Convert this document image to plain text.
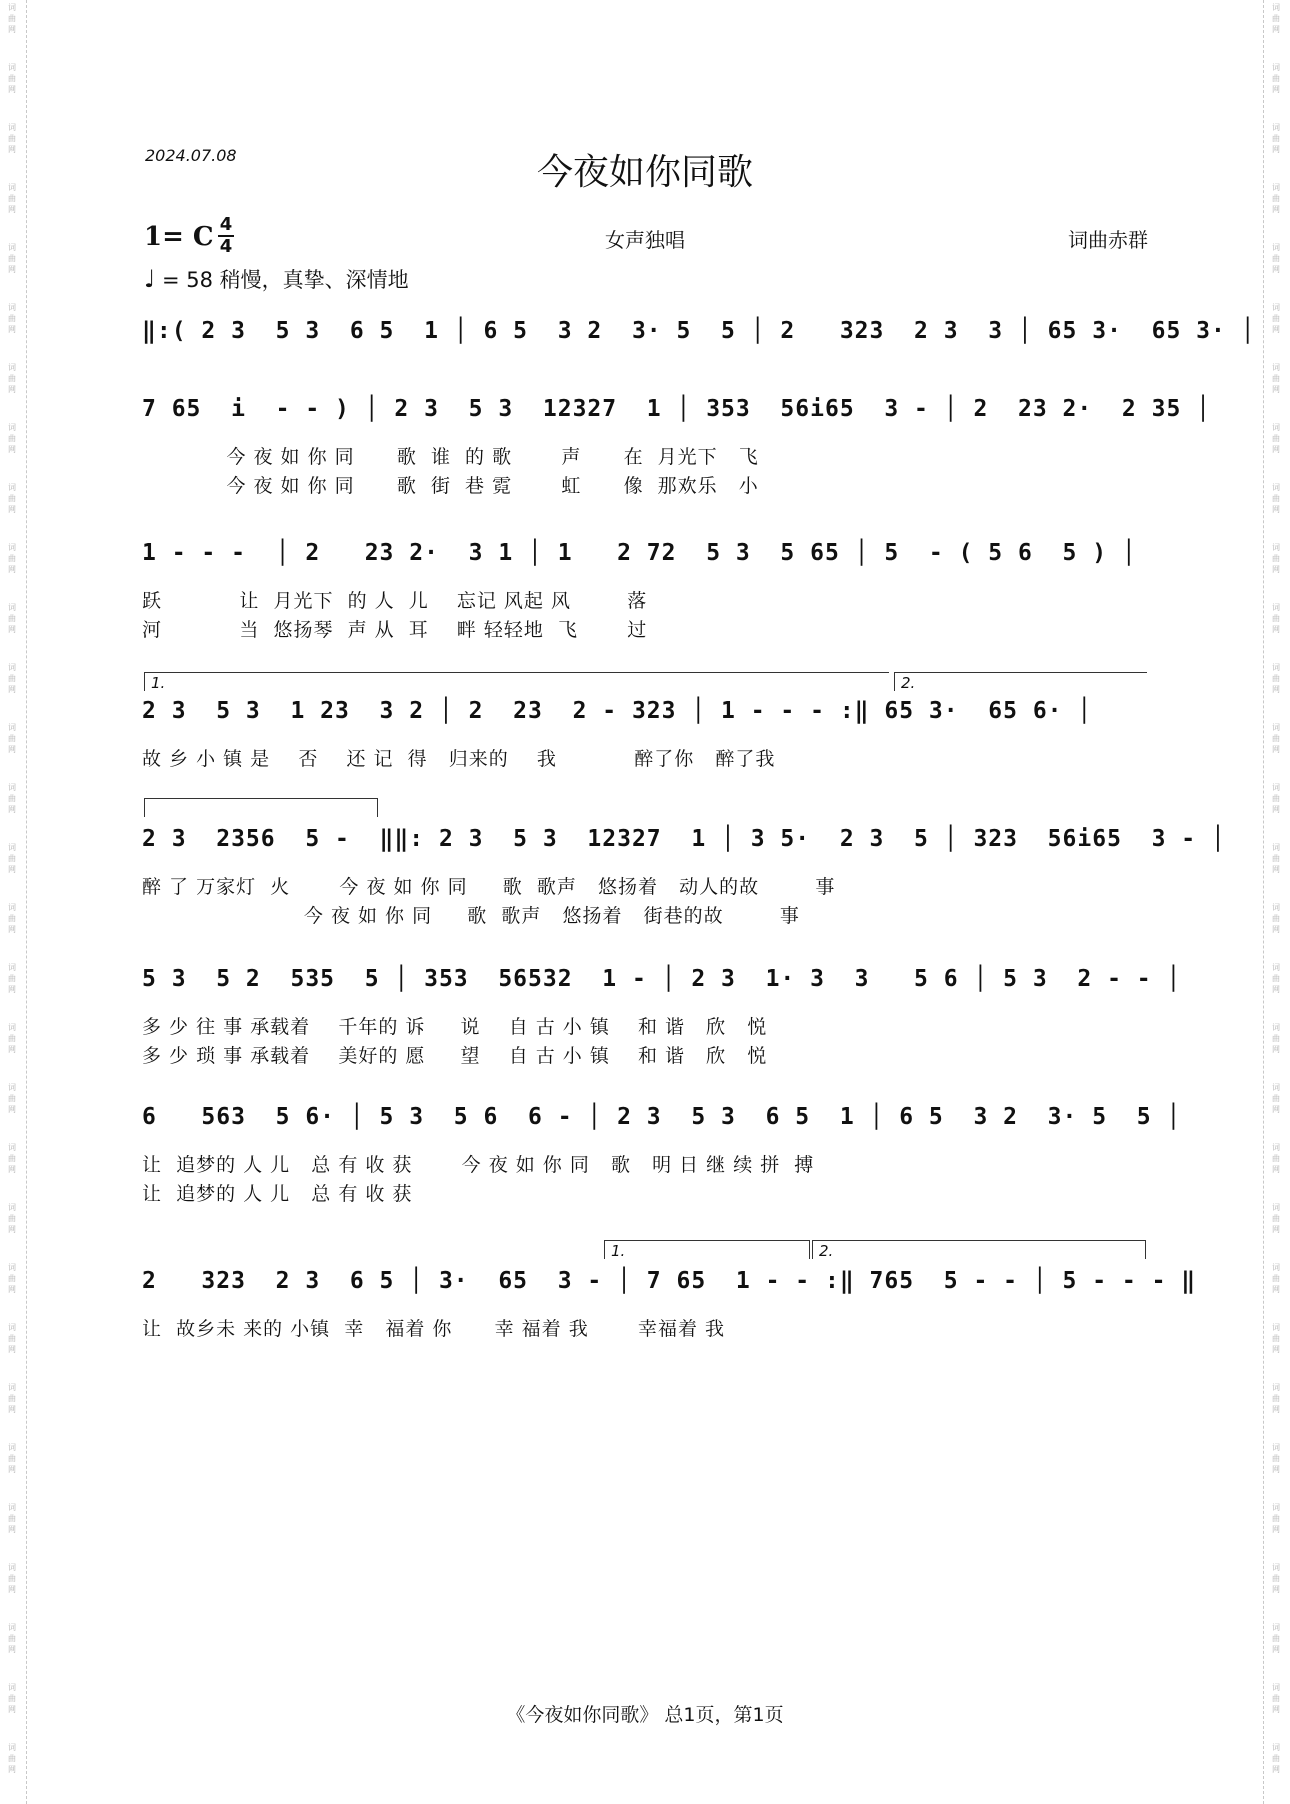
词
曲
网
词
曲
网
词
曲
网
词
曲
网
词
曲
网
词
曲
网
词
曲
网
词
曲
网
词
曲
网
词
曲
网
词
曲
网
词
曲
网
词
曲
网
词
曲
网
词
曲
网
词
曲
网
词
曲
网
词
曲
网
词
曲
网
词
曲
网
词
曲
网
词
曲
网
词
曲
网
词
曲
网
词
曲
网
词
曲
网
词
曲
网
词
曲
网
词
曲
网
词
曲
网
词
曲
网
词
曲
网
词
曲
网
词
曲
网
词
曲
网
词
曲
网
词
曲
网
词
曲
网
词
曲
网
词
曲
网
词
曲
网
词
曲
网
词
曲
网
词
曲
网
词
曲
网
词
曲
网
词
曲
网
词
曲
网
词
曲
网
词
曲
网
词
曲
网
词
曲
网
词
曲
网
词
曲
网
词
曲
网
词
曲
网
词
曲
网
词
曲
网
词
曲
网
词
曲
网
2024.07.08	今夜如你同歌
1= C 4
4	女声独唱	词曲赤群
♩ = 58 稍慢，真挚、深情地
1.	2.
1.	2.
‖:( 2 3  5 3  6 5  1 │ 6 5  3 2  3· 5  5 │ 2   323  2 3  3 │ 65 3·  65 3· │
7 65  i  - - ) │ 2 3  5 3  12327  1 │ 353  56i65  3 - │ 2  23 2·  2 35 │
今 夜 如 你 同      歌  谁  的 歌       声      在  月光下   飞
今 夜 如 你 同      歌  街  巷 霓       虹      像  那欢乐   小
1 - - -  │ 2   23 2·  3 1 │ 1   2 72  5 3  5 65 │ 5  - ( 5 6  5 ) │
跃           让  月光下  的 人  儿    忘记 风起 风        落
河           当  悠扬琴  声 从  耳    畔 轻轻地  飞       过
2 3  5 3  1 23  3 2 │ 2  23  2 - 323 │ 1 - - - :‖ 65 3·  65 6· │
故 乡 小 镇 是    否    还 记  得   归来的    我           醉了你   醉了我
2 3  2356  5 -  ‖‖: 2 3  5 3  12327  1 │ 3 5·  2 3  5 │ 323  56i65  3 - │
醉 了 万家灯  火       今 夜 如 你 同     歌  歌声   悠扬着   动人的故        事
今 夜 如 你 同     歌  歌声   悠扬着   街巷的故        事
5 3  5 2  535  5 │ 353  56532  1 - │ 2 3  1· 3  3   5 6 │ 5 3  2 - - │
多 少 往 事 承载着    千年的 诉     说    自 古 小 镇    和 谐   欣   悦
多 少 琐 事 承载着    美好的 愿     望    自 古 小 镇    和 谐   欣   悦
6   563  5 6· │ 5 3  5 6  6 - │ 2 3  5 3  6 5  1 │ 6 5  3 2  3· 5  5 │
让  追梦的 人 儿   总 有 收 获       今 夜 如 你 同   歌   明 日 继 续 拼  搏
让  追梦的 人 儿   总 有 收 获
2   323  2 3  6 5 │ 3·  65  3 - │ 7 65  1 - - :‖ 765  5 - - │ 5 - - - ‖
让  故乡未 来的 小镇  幸   福着 你      幸 福着 我       幸福着 我
《今夜如你同歌》 总1页，第1页
